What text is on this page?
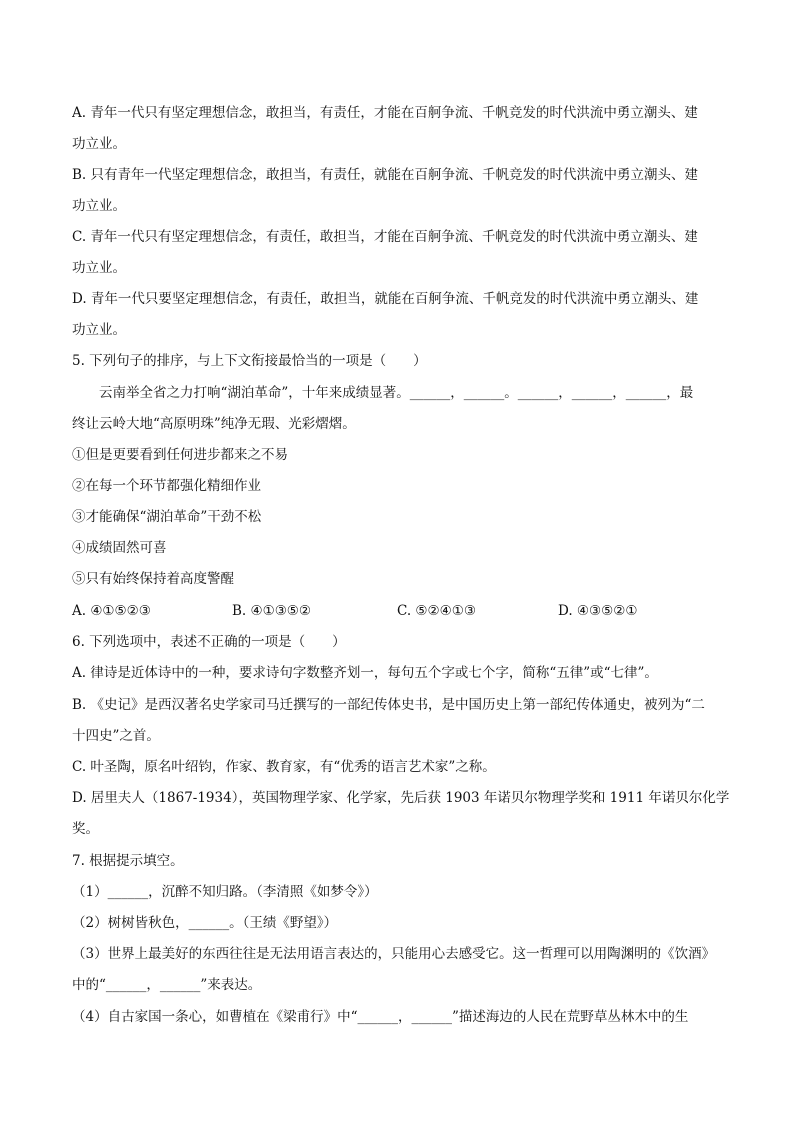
A. 青年一代只有坚定理想信念，敢担当，有责任，才能在百舸争流、千帆竞发的时代洪流中勇立潮头、建
功立业。
B. 只有青年一代坚定理想信念，敢担当，有责任，就能在百舸争流、千帆竞发的时代洪流中勇立潮头、建
功立业。
C. 青年一代只有坚定理想信念，有责任，敢担当，才能在百舸争流、千帆竞发的时代洪流中勇立潮头、建
功立业。
D. 青年一代只要坚定理想信念，有责任，敢担当，就能在百舸争流、千帆竞发的时代洪流中勇立潮头、建
功立业。
5. 下列句子的排序，与上下文衔接最恰当的一项是（　　）
云南举全省之力打响“湖泊革命”，十年来成绩显著。______，______。______，______，______，最
终让云岭大地“高原明珠”纯净无瑕、光彩熠熠。
①但是更要看到任何进步都来之不易
②在每一个环节都强化精细作业
③才能确保“湖泊革命”干劲不松
④成绩固然可喜
⑤只有始终保持着高度警醒
A. ④①⑤②③	B. ④①③⑤②	C. ⑤②④①③	D. ④③⑤②①
6. 下列选项中，表述不正确的一项是（　　）
A. 律诗是近体诗中的一种，要求诗句字数整齐划一，每句五个字或七个字，简称“五律”或“七律”。
B. 《史记》是西汉著名史学家司马迁撰写的一部纪传体史书，是中国历史上第一部纪传体通史，被列为“二
十四史”之首。
C. 叶圣陶，原名叶绍钧，作家、教育家，有“优秀的语言艺术家”之称。
D. 居里夫人（1867-1934），英国物理学家、化学家，先后获 1903 年诺贝尔物理学奖和 1911 年诺贝尔化学
奖。
7. 根据提示填空。
（1）______，沉醉不知归路。（李清照《如梦令》）
（2）树树皆秋色，______。（王绩《野望》）
（3）世界上最美好的东西往往是无法用语言表达的，只能用心去感受它。这一哲理可以用陶渊明的《饮酒》
中的“______，______”来表达。
（4）自古家国一条心，如曹植在《梁甫行》中“______，______”描述海边的人民在荒野草丛林木中的生
